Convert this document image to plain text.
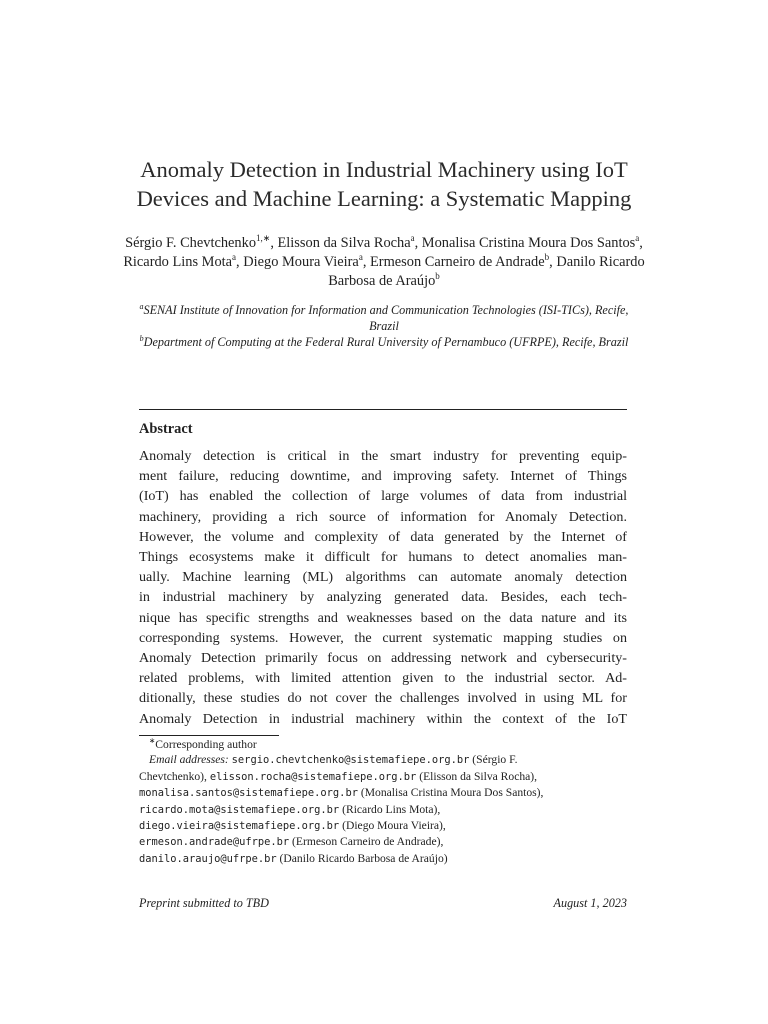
Anomaly Detection in Industrial Machinery using IoT
Devices and Machine Learning: a Systematic Mapping
Sérgio F. Chevtchenko$^{1,∗}$, Elisson da Silva Rocha$^a$, Monalisa Cristina Moura Dos Santos$^a$, Ricardo Lins Mota$^a$, Diego Moura Vieira$^a$, Ermeson Carneiro de Andrade$^b$, Danilo Ricardo Barbosa de Araújo$^b$

$^a$SENAI Institute of Innovation for Information and Communication Technologies (ISI-TICs), Recife, Brazil

$^b$Department of Computing at the Federal Rural University of Pernambuco (UFRPE), Recife, Brazil

Abstract
Anomaly detection is critical in the smart industry for preventing equip-
ment failure, reducing downtime, and improving safety. Internet of Things
(IoT) has enabled the collection of large volumes of data from industrial
machinery, providing a rich source of information for Anomaly Detection.
However, the volume and complexity of data generated by the Internet of
Things ecosystems make it difficult for humans to detect anomalies man-
ually. Machine learning (ML) algorithms can automate anomaly detection
in industrial machinery by analyzing generated data. Besides, each tech-
nique has specific strengths and weaknesses based on the data nature and its
corresponding systems. However, the current systematic mapping studies on
Anomaly Detection primarily focus on addressing network and cybersecurity-
related problems, with limited attention given to the industrial sector. Ad-
ditionally, these studies do not cover the challenges involved in using ML for
Anomaly Detection in industrial machinery within the context of the IoT
∗Corresponding author
Email addresses: sergio.chevtchenko@sistemafiepe.org.br (Sérgio F.
Chevtchenko), elisson.rocha@sistemafiepe.org.br (Elisson da Silva Rocha),
monalisa.santos@sistemafiepe.org.br (Monalisa Cristina Moura Dos Santos),
ricardo.mota@sistemafiepe.org.br (Ricardo Lins Mota),
diego.vieira@sistemafiepe.org.br (Diego Moura Vieira),
ermeson.andrade@ufrpe.br (Ermeson Carneiro de Andrade),
danilo.araujo@ufrpe.br (Danilo Ricardo Barbosa de Araújo)
Preprint submitted to TBD	August 1, 2023
